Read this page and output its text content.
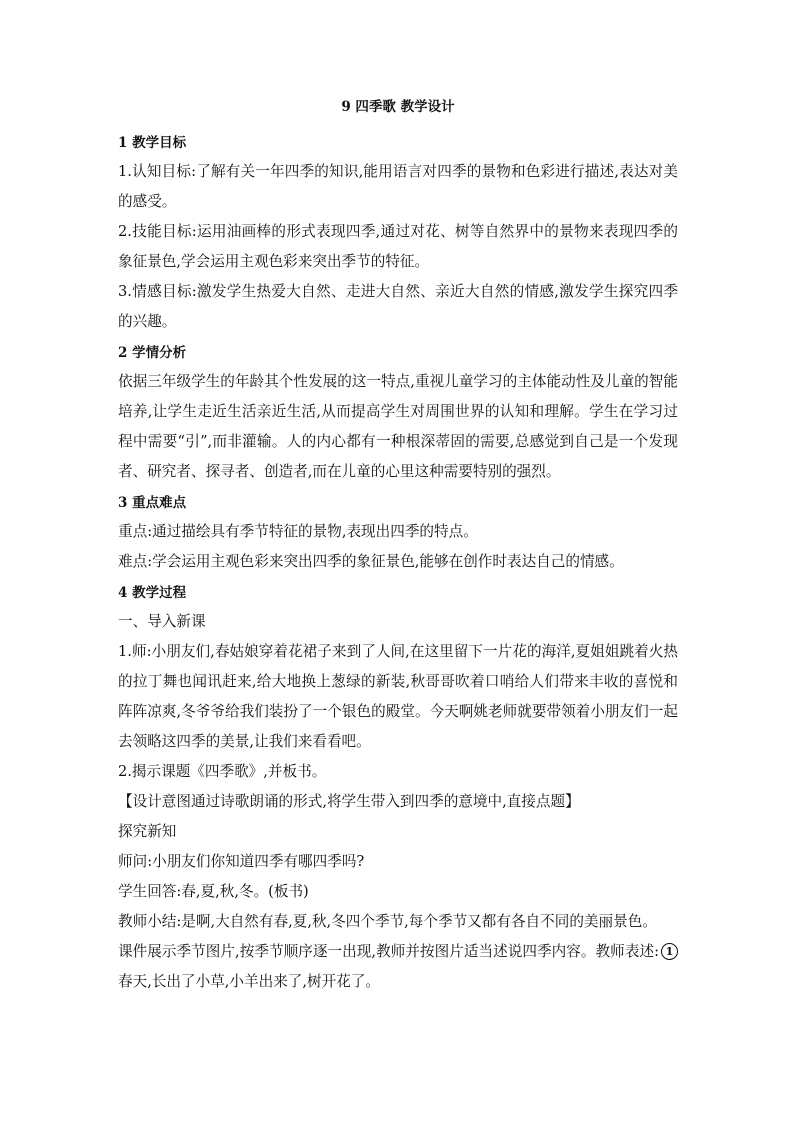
9 四季歌 教学设计
1 教学目标

1.认知目标:了解有关一年四季的知识,能用语言对四季的景物和色彩进行描述,表达对美的感受。

2.技能目标:运用油画棒的形式表现四季,通过对花、树等自然界中的景物来表现四季的象征景色,学会运用主观色彩来突出季节的特征。

3.情感目标:激发学生热爱大自然、走进大自然、亲近大自然的情感,激发学生探究四季的兴趣。

2 学情分析

依据三年级学生的年龄其个性发展的这一特点,重视儿童学习的主体能动性及儿童的智能培养,让学生走近生活亲近生活,从而提高学生对周围世界的认知和理解。学生在学习过程中需要“引”,而非灌输。人的内心都有一种根深蒂固的需要,总感觉到自己是一个发现者、研究者、探寻者、创造者,而在儿童的心里这种需要特别的强烈。

3 重点难点

重点:通过描绘具有季节特征的景物,表现出四季的特点。

难点:学会运用主观色彩来突出四季的象征景色,能够在创作时表达自己的情感。

4 教学过程

一、导入新课

1.师:小朋友们,春姑娘穿着花裙子来到了人间,在这里留下一片花的海洋,夏姐姐跳着火热的拉丁舞也闻讯赶来,给大地换上葱绿的新装,秋哥哥吹着口哨给人们带来丰收的喜悦和阵阵凉爽,冬爷爷给我们装扮了一个银色的殿堂。今天啊姚老师就要带领着小朋友们一起去领略这四季的美景,让我们来看看吧。

2.揭示课题《四季歌》,并板书。

【设计意图通过诗歌朗诵的形式,将学生带入到四季的意境中,直接点题】

探究新知

师问:小朋友们你知道四季有哪四季吗?

学生回答:春,夏,秋,冬。(板书)

教师小结:是啊,大自然有春,夏,秋,冬四个季节,每个季节又都有各自不同的美丽景色。

课件展示季节图片,按季节顺序逐一出现,教师并按图片适当述说四季内容。教师表述: 1春天,长出了小草,小羊出来了,树开花了。
